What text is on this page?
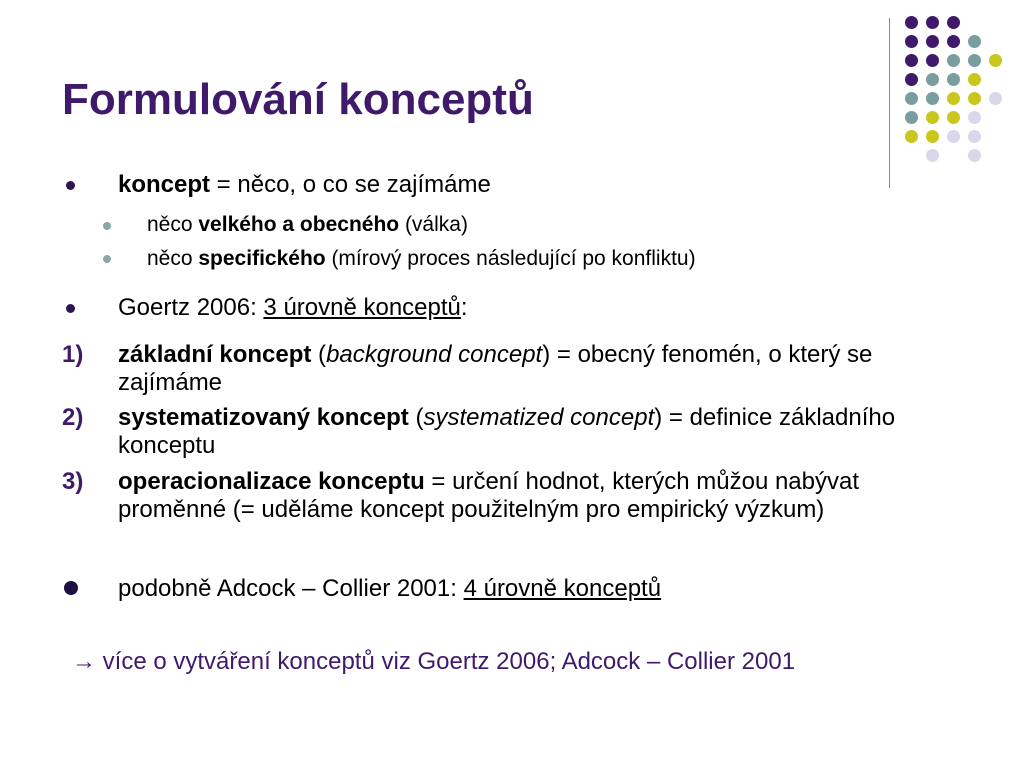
Formulování konceptů
koncept = něco, o co se zajímáme
něco velkého a obecného (válka)
něco specifického (mírový proces následující po konfliktu)
Goertz 2006: 3 úrovně konceptů:
1) základní koncept (background concept) = obecný fenomén, o který se zajímáme
2) systematizovaný koncept (systematized concept) = definice základního konceptu
3) operacionalizace konceptu = určení hodnot, kterých můžou nabývat proměnné (= uděláme koncept použitelným pro empirický výzkum)
podobně Adcock – Collier 2001: 4 úrovně konceptů
→ více o vytváření konceptů viz Goertz 2006; Adcock – Collier 2001
